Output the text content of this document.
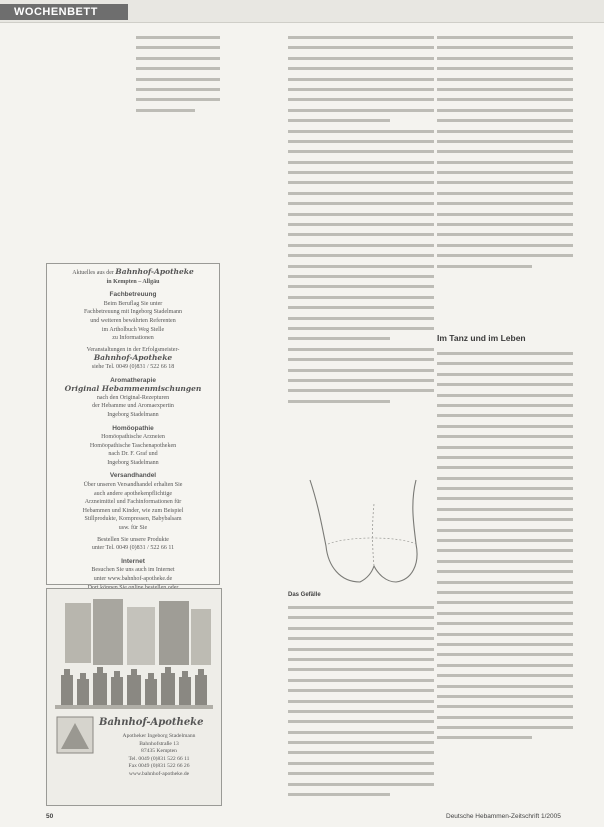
WOCHENBETT

Aktuelles aus der Bahnhof-Apotheke

in Kempten – Allgäu

Fachbetreuung

Beim Beruflag Sie unter

Fachbetreuung mit Ingeborg Stadelmann

und weiteren bewährten Referenten

im Artholbuch Weg Stelle

zu Informationen

Veranstaltungen in der Erfolgsmeister-

Bahnhof-Apotheke

siehe Tel. 0049 (0)831 / 522 66 18

Aromatherapie

Original Hebammenmischungen

nach den Original-Rezepturen

der Hebamme und Aromaexpertin

Ingeborg Stadelmann

Homöopathie

Homöopathische Arzneien

Homöopathische Taschenapotheken

nach Dr. F. Graf und

Ingeborg Stadelmann

Versandhandel

Über unseren Versandhandel erhalten Sie

auch andere apothekenpflichtige

Arzneimittel und Fachinformationen für

Hebammen und Kinder, wie zum Beispiel

Stillprodukte, Kompressen, Babybalsam

usw. für Sie

Bestellen Sie unsere Produkte

unter Tel. 0049 (0)831 / 522 66 11

Internet

Besuchen Sie uns auch im Internet

unter www.bahnhof-apotheke.de

Bahnhof-Apotheke
Apotheker Ingeborg Stadelmann
Bahnhofstraße 13
87435 Kempten
Tel. 0049 (0)831 522 66 11
Fax 0049 (0)831 522 66 26
www.bahnhof-apotheke.de
Das Gefälle
Im Tanz und im Leben
50	Deutsche Hebammen-Zeitschrift 1/2005
